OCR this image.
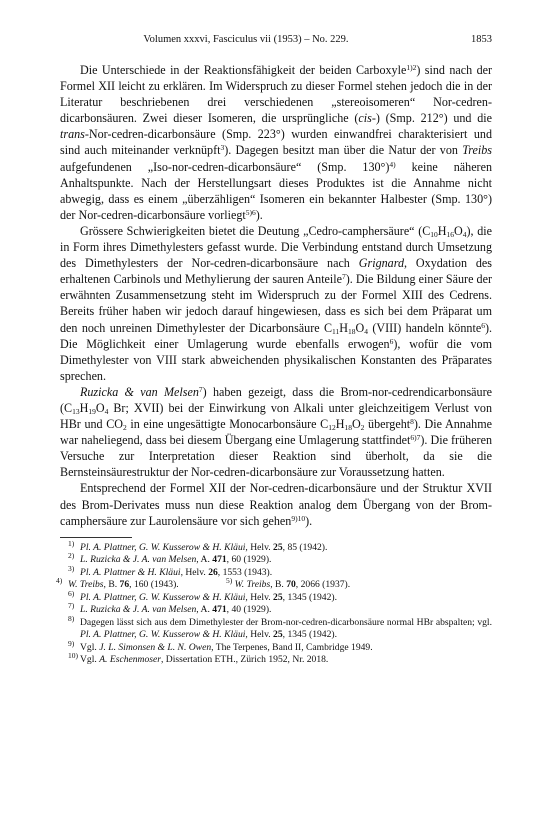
Volumen xxxvi, Fasciculus vii (1953) – No. 229.	1853

Die Unterschiede in der Reaktionsfähigkeit der beiden Carboxyle$^{1)2}$) sind nach der Formel XII leicht zu erklären. Im Widerspruch zu dieser Formel stehen jedoch die in der Literatur beschriebenen drei verschiedenen „stereoisomeren“ Nor-cedren-dicarbonsäuren. Zwei dieser Isomeren, die ursprüngliche (cis-) (Smp. 212°) und die trans-Nor-cedren-dicarbonsäure (Smp. 223°) wurden einwandfrei charakterisiert und sind auch miteinander verknüpft$^3$). Dagegen besitzt man über die Natur der von Treibs aufgefundenen „Iso-nor-cedren-dicarbonsäure“ (Smp. 130°)$^{4)}$ keine näheren Anhaltspunkte. Nach der Herstellungsart dieses Produktes ist die Annahme nicht abwegig, dass es einem „überzähligen“ Isomeren ein bekannter Halbester (Smp. 130°) der Nor-cedren-dicarbonsäure vorliegt$^{5)6}$).

Grössere Schwierigkeiten bietet die Deutung „Cedro-camphersäure“ $(C_{10}H_{16}O_4)$, die in Form ihres Dimethylesters gefasst wurde. Die Verbindung entstand durch Umsetzung des Dimethylesters der Nor-cedren-dicarbonsäure nach Grignard, Oxydation des erhaltenen Carbinols und Methylierung der sauren Anteile$^7$). Die Bildung einer Säure der erwähnten Zusammensetzung steht im Widerspruch zu der Formel XIII des Cedrens. Bereits früher haben wir jedoch darauf hingewiesen, dass es sich bei dem Präparat um den noch unreinen Dimethylester der Dicarbonsäure $C_{11}H_{18}O_4$ (VIII) handeln könnte$^6$). Die Möglichkeit einer Umlagerung wurde ebenfalls erwogen$^6$), wofür die vom Dimethylester von VIII stark abweichenden physikalischen Konstanten des Präparates sprechen.

Ruzicka & van Melsen$^7$) haben gezeigt, dass die Brom-nor-cedrendicarbonsäure ($C_{13}H_{19}O_4$ Br; XVII) bei der Einwirkung von Alkali unter gleichzeitigem Verlust von HBr und $CO_2$ in eine ungesättigte Monocarbonsäure $C_{12}H_{18}O_2$ übergeht$^8$). Die Annahme war naheliegend, dass bei diesem Übergang eine Umlagerung stattfindet$^{6)7}$). Die früheren Versuche zur Interpretation dieser Reaktion sind überholt, da sie die Bernsteinsäurestruktur der Nor-cedren-dicarbonsäure zur Voraussetzung hatten.

Entsprechend der Formel XII der Nor-cedren-dicarbonsäure und der Struktur XVII des Brom-Derivates muss nun diese Reaktion analog dem Übergang von der Brom-camphersäure zur Laurolensäure vor sich gehen$^{9)10}$).

$^{1)}$ Pl. A. Plattner, G. W. Kusserow & H. Kläui, Helv. 25, 85 (1942).

$^{2)}$ L. Ruzicka & J. A. van Melsen, A. 471, 60 (1929).

$^{3)}$ Pl. A. Plattner & H. Kläui, Helv. 26, 1553 (1943).

$^{4)}$ W. Treibs, B. 76, 160 (1943).	$^{5)}$ W. Treibs, B. 70, 2066 (1937).

$^{6)}$ Pl. A. Plattner, G. W. Kusserow & H. Kläui, Helv. 25, 1345 (1942).

$^{7)}$ L. Ruzicka & J. A. van Melsen, A. 471, 40 (1929).

$^{8)}$ Dagegen lässt sich aus dem Dimethylester der Brom-nor-cedren-dicarbonsäure normal HBr abspalten; vgl. Pl. A. Plattner, G. W. Kusserow & H. Kläui, Helv. 25, 1345 (1942).

$^{9)}$ Vgl. J. L. Simonsen & L. N. Owen, The Terpenes, Band II, Cambridge 1949.

$^{10)}$ Vgl. A. Eschenmoser, Dissertation ETH., Zürich 1952, Nr. 2018.
